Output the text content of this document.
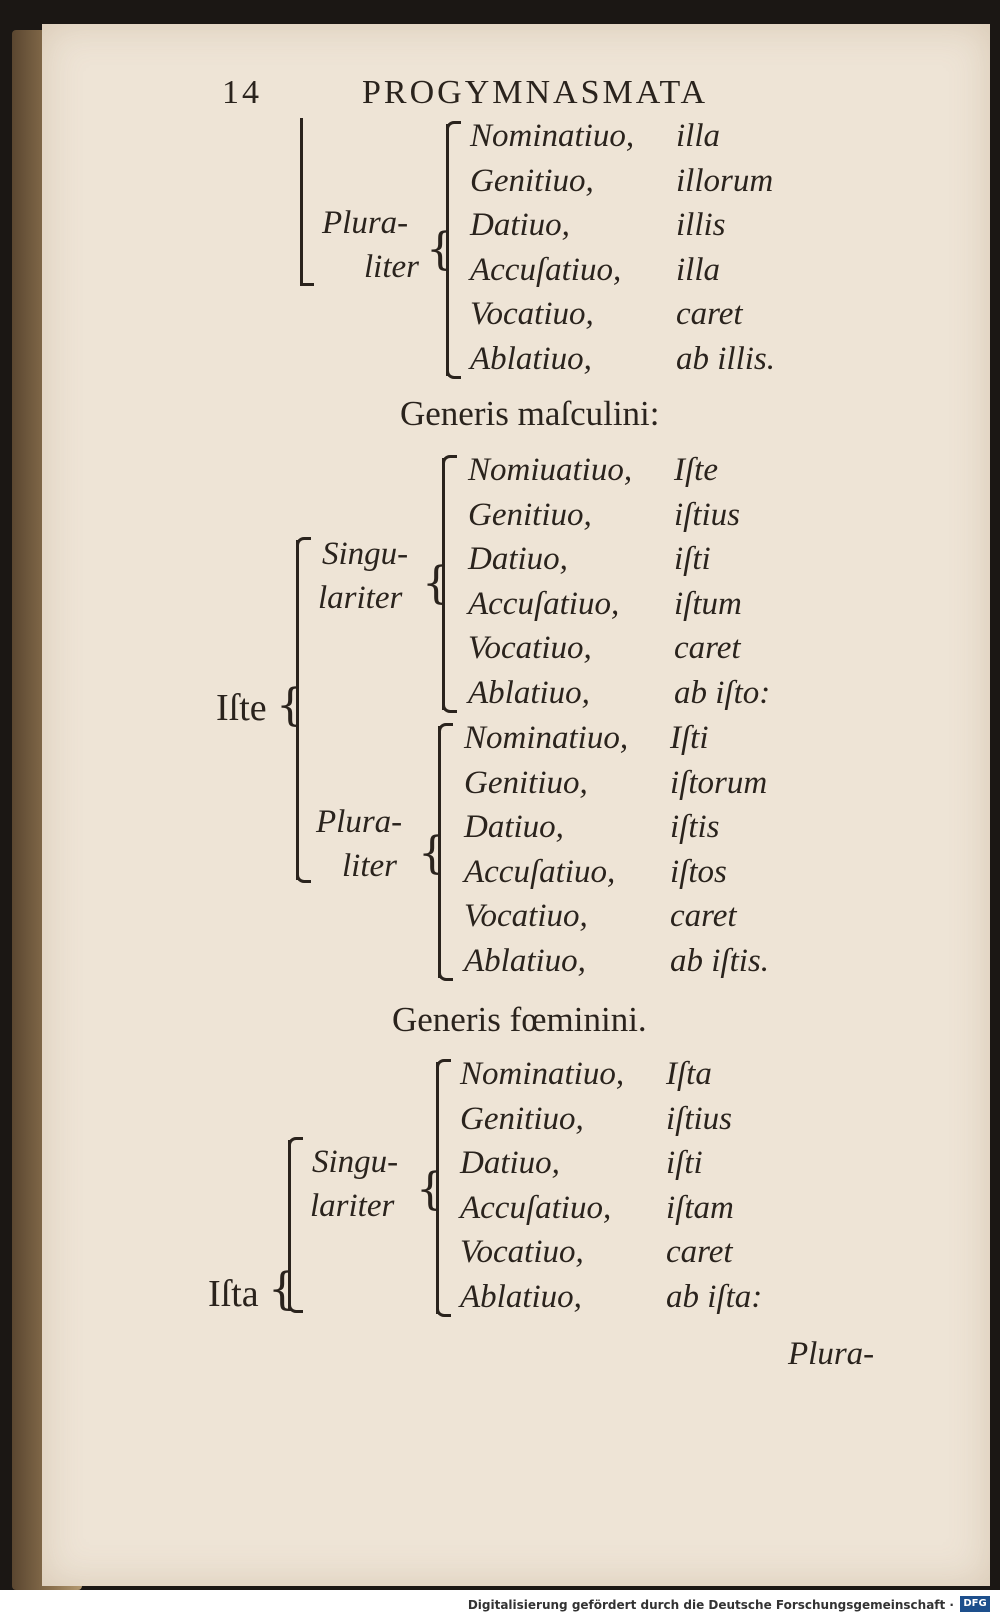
14	PROGYMNASMATA
Plura-
liter {
Nominatiuo, illa
Genitiuo, illorum
Datiuo,	illis
Accuſatiuo, illa
Vocatiuo, caret
Ablatiuo,	ab illis.
Generis maſculini:
Iſte {
Singu-
lariter {
Plura-
liter {
Nomiuatiuo, Iſte
Genitiuo, iſtius
Datiuo,	iſti
Accuſatiuo, iſtum
Vocatiuo, caret
Ablatiuo,	ab iſto:
Nominatiuo, Iſti
Genitiuo, iſtorum
Datiuo,	iſtis
Accuſatiuo, iſtos
Vocatiuo, caret
Ablatiuo,	ab iſtis.
Generis fœminini.
Iſta {
Singu-
lariter {
Nominatiuo, Iſta
Genitiuo, iſtius
Datiuo,	iſti
Accuſatiuo, iſtam
Vocatiuo, caret
Ablatiuo,	ab iſta:
Plura-
Digitalisierung gefördert durch die Deutsche Forschungsgemeinschaft · DFG
